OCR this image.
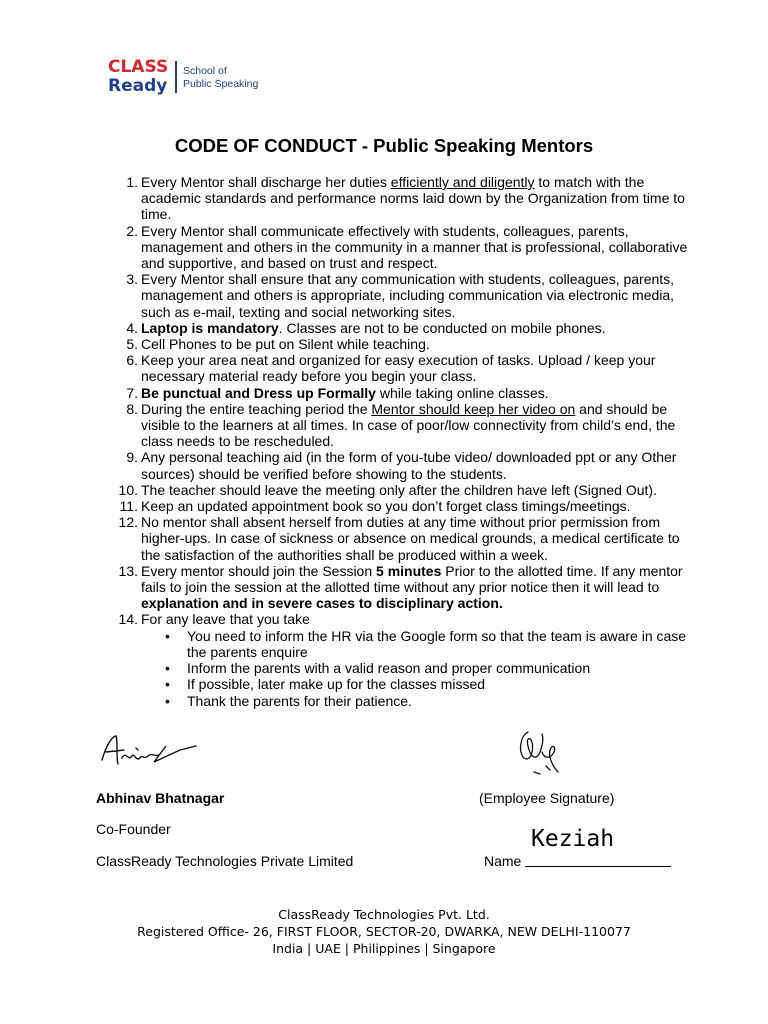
CLASS
Ready
School of
Public Speaking
CODE OF CONDUCT - Public Speaking Mentors
1. Every Mentor shall discharge her duties efficiently and diligently to match with the academic standards and performance norms laid down by the Organization from time to time.
2. Every Mentor shall communicate effectively with students, colleagues, parents, management and others in the community in a manner that is professional, collaborative and supportive, and based on trust and respect.
3. Every Mentor shall ensure that any communication with students, colleagues, parents, management and others is appropriate, including communication via electronic media, such as e-mail, texting and social networking sites.
4. Laptop is mandatory. Classes are not to be conducted on mobile phones.
5. Cell Phones to be put on Silent while teaching.
6. Keep your area neat and organized for easy execution of tasks. Upload / keep your necessary material ready before you begin your class.
7. Be punctual and Dress up Formally while taking online classes.
8. During the entire teaching period the Mentor should keep her video on and should be visible to the learners at all times. In case of poor/low connectivity from child’s end, the class needs to be rescheduled.
9. Any personal teaching aid (in the form of you-tube video/ downloaded ppt or any Other sources) should be verified before showing to the students.
10. The teacher should leave the meeting only after the children have left (Signed Out).
11. Keep an updated appointment book so you don’t forget class timings/meetings.
12. No mentor shall absent herself from duties at any time without prior permission from higher-ups. In case of sickness or absence on medical grounds, a medical certificate to the satisfaction of the authorities shall be produced within a week.
13. Every mentor should join the Session 5 minutes Prior to the allotted time. If any mentor fails to join the session at the allotted time without any prior notice then it will lead to explanation and in severe cases to disciplinary action.
14. For any leave that you take
• You need to inform the HR via the Google form so that the team is aware in case the parents enquire
• Inform the parents with a valid reason and proper communication
• If possible, later make up for the classes missed
• Thank the parents for their patience.
Abhinav Bhatnagar	(Employee Signature)
Co-Founder
ClassReady Technologies Private Limited	Name
Keziah
ClassReady Technologies Pvt. Ltd.
Registered Office- 26, FIRST FLOOR, SECTOR-20, DWARKA, NEW DELHI-110077
India | UAE | Philippines | Singapore
